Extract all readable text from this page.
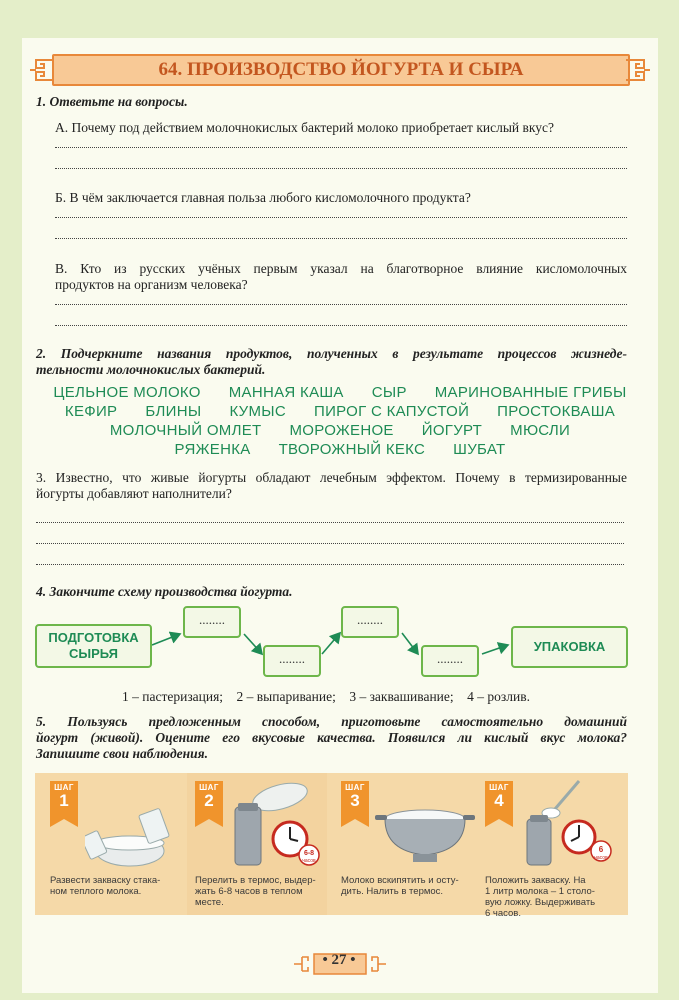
64. ПРОИЗВОДСТВО ЙОГУРТА И СЫРА
1. Ответьте на вопросы.
А. Почему под действием молочнокислых бактерий молоко приобретает кислый вкус?
Б. В чём заключается главная польза любого кисломолочного продукта?
В. Кто из русских учёных первым указал на благотворное влияние кисломолочных
продуктов на организм человека?
2. Подчеркните названия продуктов, полученных в результате процессов жизнеде-
тельности молочнокислых бактерий.
ЦЕЛЬНОЕ МОЛОКО МАННАЯ КАША СЫР МАРИНОВАННЫЕ ГРИБЫ
КЕФИР БЛИНЫ КУМЫС ПИРОГ С КАПУСТОЙ ПРОСТОКВАША
МОЛОЧНЫЙ ОМЛЕТ МОРОЖЕНОЕ ЙОГУРТ МЮСЛИ
РЯЖЕНКА ТВОРОЖНЫЙ КЕКС ШУБАТ
3. Известно, что живые йогурты обладают лечебным эффектом. Почему в термизированные
йогурты добавляют наполнители?
4. Закончите схему производства йогурта.
ПОДГОТОВКА
СЫРЬЯ
........
........
........
........
УПАКОВКА
1 – пастеризация;    2 – выпаривание;    3 – заквашивание;    4 – розлив.
5. Пользуясь предложенным способом, приготовьте самостоятельно домашний
йогурт (живой). Оцените его вкусовые качества. Появился ли кислый вкус молока?
Запишите свои наблюдения.
ШАГ
1
Развести закваску стака-
ном теплого молока.
ШАГ
2
6-8
часов
Перелить в термос, выдер-
жать 6-8 часов в теплом
месте.
ШАГ
3
Молоко вскипятить и осту-
дить. Налить в термос.
ШАГ
4
6
часов
Положить закваску. На
1 литр молока – 1 столо-
вую ложку. Выдерживать
6 часов.
• 27 •
